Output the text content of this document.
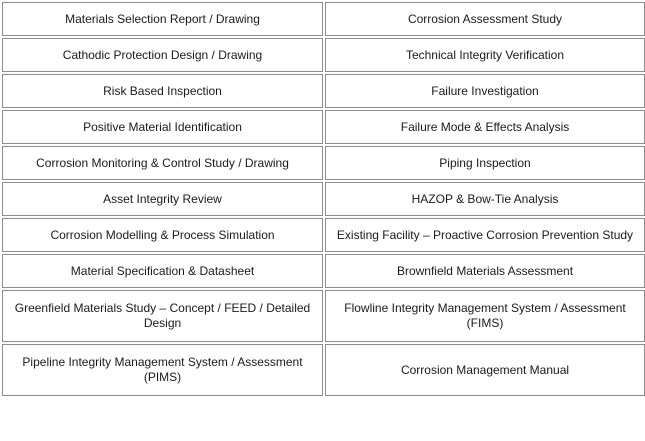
Materials Selection Report / Drawing	Corrosion Assessment Study
Cathodic Protection Design / Drawing	Technical Integrity Verification
Risk Based Inspection	Failure Investigation
Positive Material Identification	Failure Mode & Effects Analysis
Corrosion Monitoring & Control Study / Drawing	Piping Inspection
Asset Integrity Review	HAZOP & Bow-Tie Analysis
Corrosion Modelling & Process Simulation	Existing Facility – Proactive Corrosion Prevention Study
Material Specification & Datasheet	Brownfield Materials Assessment
Greenfield Materials Study – Concept / FEED / Detailed Design	Flowline Integrity Management System / Assessment (FIMS)
Pipeline Integrity Management System / Assessment (PIMS)	Corrosion Management Manual
